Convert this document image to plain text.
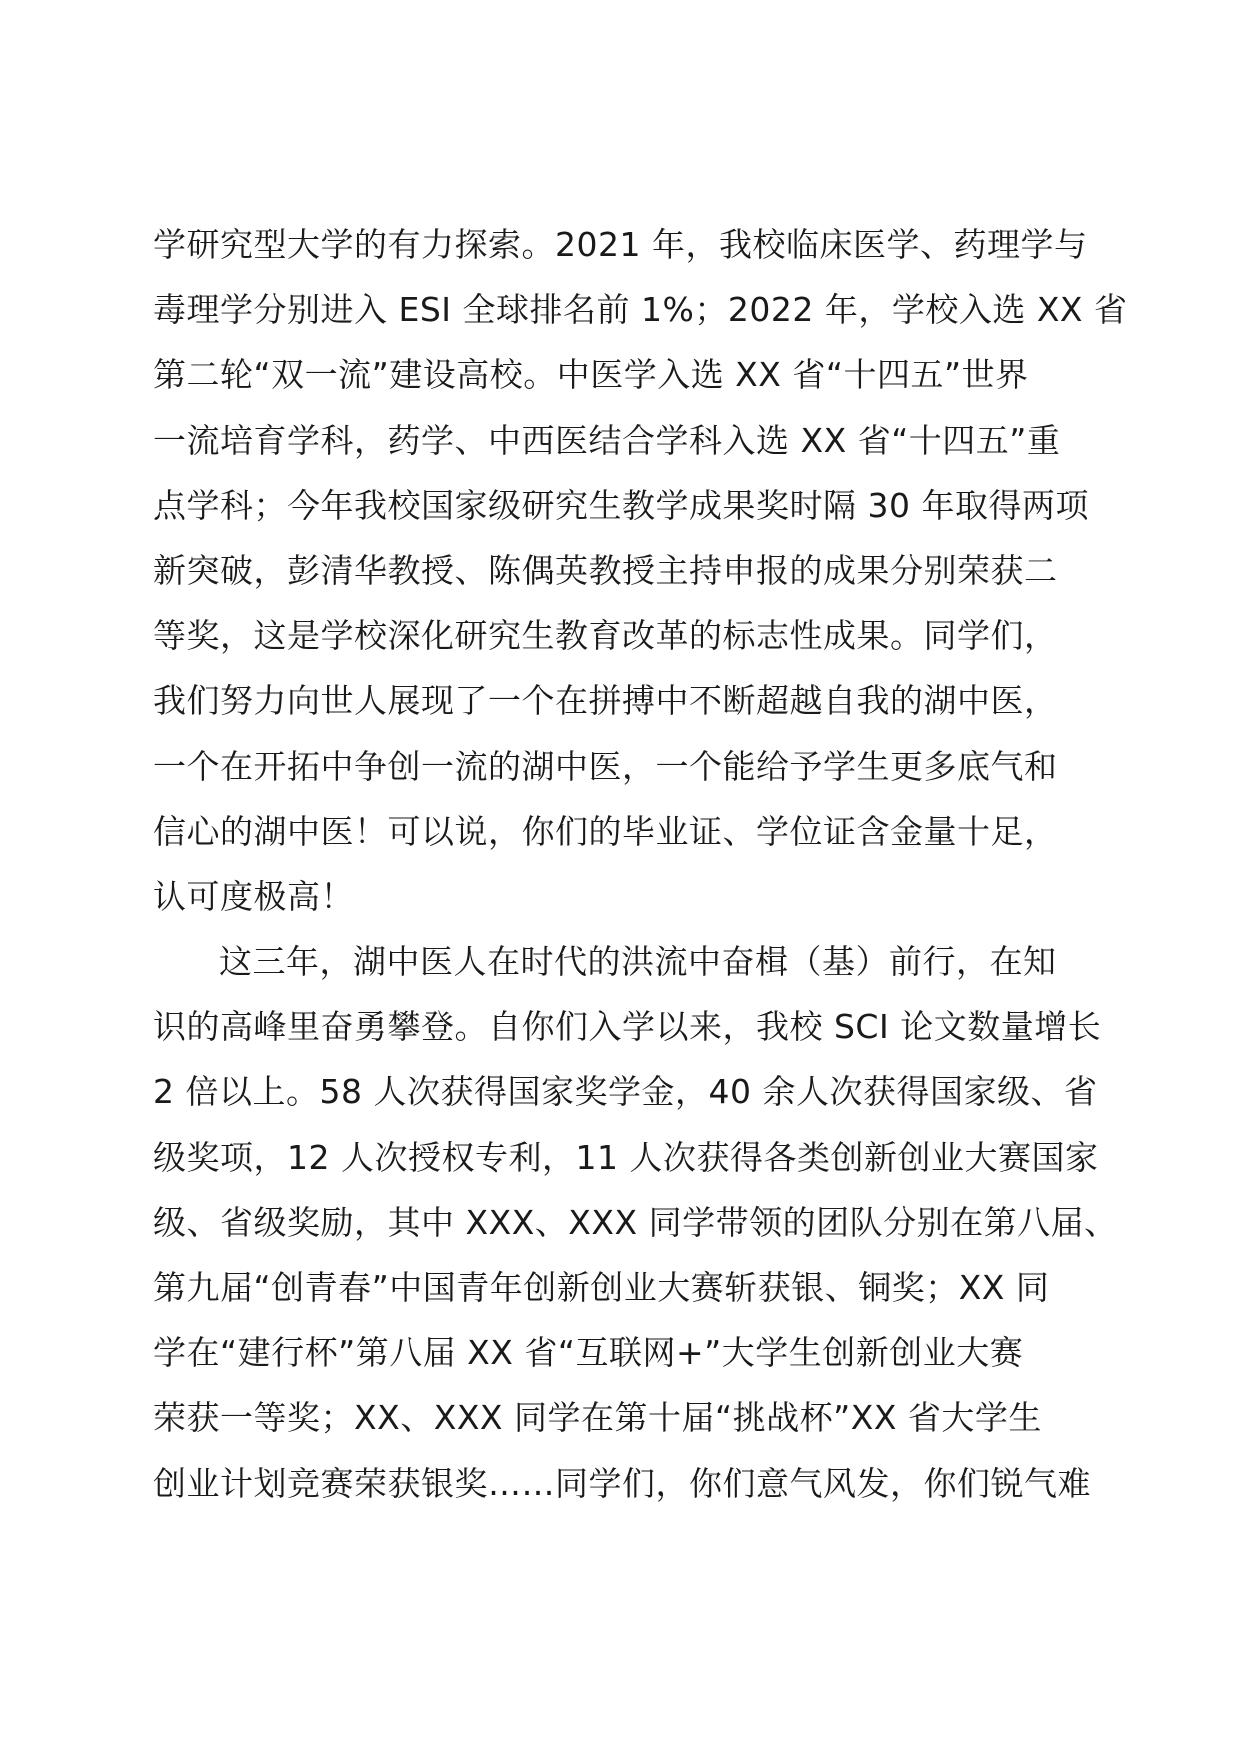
学研究型大学的有力探索。2021 年，我校临床医学、药理学与
毒理学分别进入 ESI 全球排名前 1%；2022 年，学校入选 XX 省
第二轮“双一流”建设高校。中医学入选 XX 省“十四五”世界
一流培育学科，药学、中西医结合学科入选 XX 省“十四五”重
点学科；今年我校国家级研究生教学成果奖时隔 30 年取得两项
新突破，彭清华教授、陈偶英教授主持申报的成果分别荣获二
等奖，这是学校深化研究生教育改革的标志性成果。同学们，
我们努力向世人展现了一个在拼搏中不断超越自我的湖中医，
一个在开拓中争创一流的湖中医，一个能给予学生更多底气和
信心的湖中医！可以说，你们的毕业证、学位证含金量十足，
认可度极高！
这三年，湖中医人在时代的洪流中奋楫（基）前行，在知
识的高峰里奋勇攀登。自你们入学以来，我校 SCI 论文数量增长
2 倍以上。58 人次获得国家奖学金，40 余人次获得国家级、省
级奖项，12 人次授权专利，11 人次获得各类创新创业大赛国家
级、省级奖励，其中 XXX、XXX 同学带领的团队分别在第八届、
第九届“创青春”中国青年创新创业大赛斩获银、铜奖；XX 同
学在“建行杯”第八届 XX 省“互联网+”大学生创新创业大赛
荣获一等奖；XX、XXX 同学在第十届“挑战杯”XX 省大学生
创业计划竞赛荣获银奖……同学们，你们意气风发，你们锐气难
